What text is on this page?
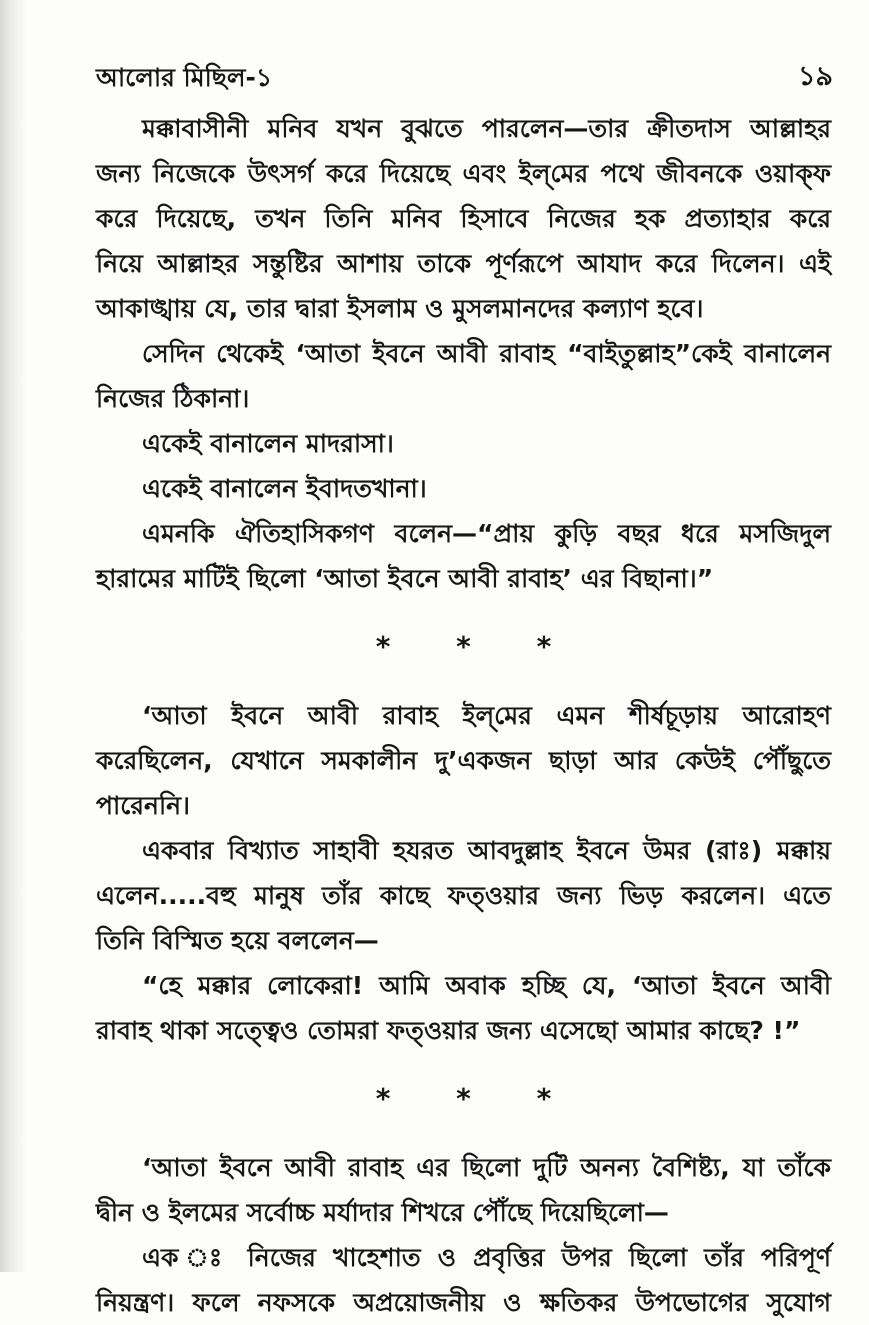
আলোর মিছিল-১	১৯

মক্কাবাসীনী মনিব যখন বুঝতে পারলেন—তার ক্রীতদাস আল্লাহর

জন্য নিজেকে উৎসর্গ করে দিয়েছে এবং ইল্‌মের পথে জীবনকে ওয়াক্‌ফ

করে দিয়েছে, তখন তিনি মনিব হিসাবে নিজের হক প্রত্যাহার করে

নিয়ে আল্লাহর সন্তুষ্টির আশায় তাকে পূর্ণরূপে আযাদ করে দিলেন। এই

আকাঙ্খায় যে, তার দ্বারা ইসলাম ও মুসলমানদের কল্যাণ হবে।

সেদিন থেকেই ‘আতা ইবনে আবী রাবাহ “বাইতুল্লাহ”কেই বানালেন

নিজের ঠিকানা।

একেই বানালেন মাদরাসা।

একেই বানালেন ইবাদতখানা।

এমনকি ঐতিহাসিকগণ বলেন—“প্রায় কুড়ি বছর ধরে মসজিদুল

হারামের মাটিই ছিলো ‘আতা ইবনে আবী রাবাহ’ এর বিছানা।”

* * *

‘আতা ইবনে আবী রাবাহ ইল্‌মের এমন শীর্ষচূড়ায় আরোহণ

করেছিলেন, যেখানে সমকালীন দু’একজন ছাড়া আর কেউই পৌঁছুতে

পারেননি।

একবার বিখ্যাত সাহাবী হযরত আবদুল্লাহ ইবনে উমর (রাঃ) মক্কায়

এলেন.....বহু মানুষ তাঁর কাছে ফত্‌ওয়ার জন্য ভিড় করলেন। এতে

তিনি বিস্মিত হয়ে বললেন—

“হে মক্কার লোকেরা! আমি অবাক হচ্ছি যে, ‘আতা ইবনে আবী

রাবাহ থাকা সত্ত্বেও তোমরা ফত্‌ওয়ার জন্য এসেছো আমার কাছে? !”

* * *

‘আতা ইবনে আবী রাবাহ এর ছিলো দুটি অনন্য বৈশিষ্ট্য, যা তাঁকে

দ্বীন ও ইলমের সর্বোচ্চ মর্যাদার শিখরে পৌঁছে দিয়েছিলো—

এক ঃ নিজের খাহেশাত ও প্রবৃত্তির উপর ছিলো তাঁর পরিপূর্ণ

নিয়ন্ত্রণ। ফলে নফসকে অপ্রয়োজনীয় ও ক্ষতিকর উপভোগের সুযোগ
